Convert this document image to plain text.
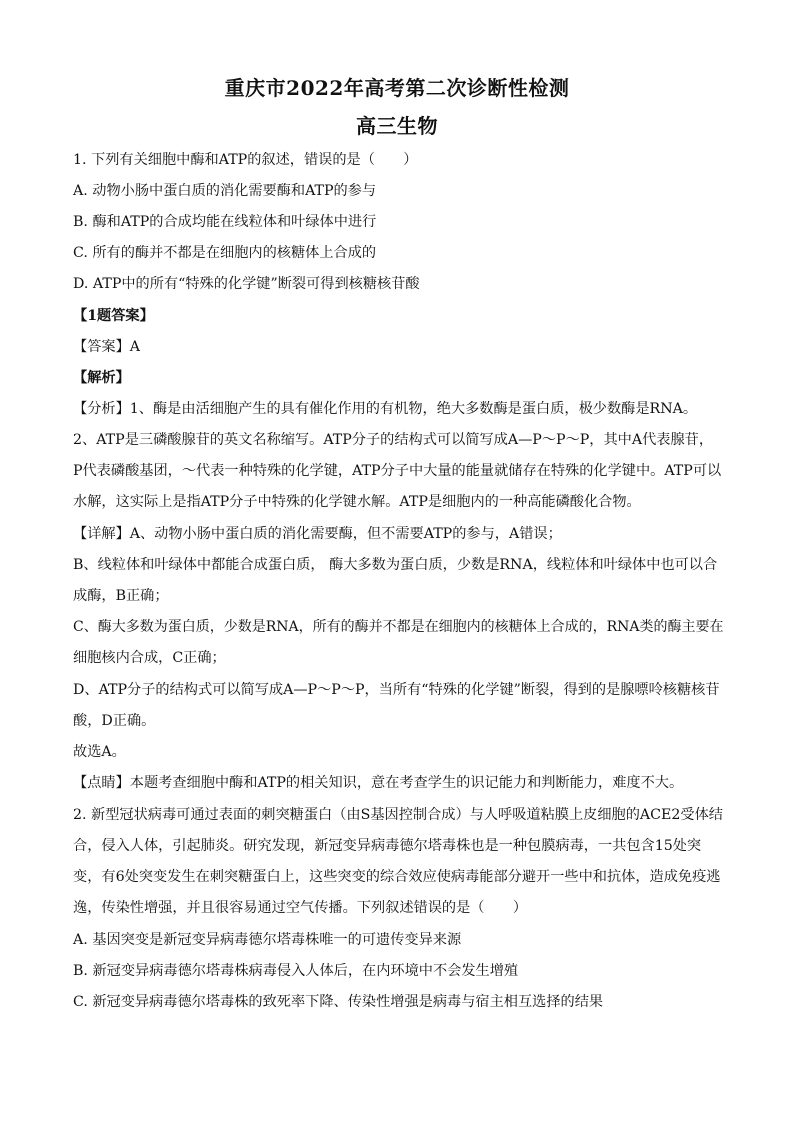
重庆市2022年高考第二次诊断性检测
高三生物
1. 下列有关细胞中酶和ATP的叙述，错误的是（　　）
A. 动物小肠中蛋白质的消化需要酶和ATP的参与
B. 酶和ATP的合成均能在线粒体和叶绿体中进行
C. 所有的酶并不都是在细胞内的核糖体上合成的
D. ATP中的所有“特殊的化学键”断裂可得到核糖核苷酸
【1题答案】
【答案】A
【解析】
【分析】1、酶是由活细胞产生的具有催化作用的有机物，绝大多数酶是蛋白质，极少数酶是RNA。
2、ATP是三磷酸腺苷的英文名称缩写。ATP分子的结构式可以简写成A—P～P～P，其中A代表腺苷，
P代表磷酸基团，～代表一种特殊的化学键，ATP分子中大量的能量就储存在特殊的化学键中。ATP可以
水解，这实际上是指ATP分子中特殊的化学键水解。ATP是细胞内的一种高能磷酸化合物。
【详解】A、动物小肠中蛋白质的消化需要酶，但不需要ATP的参与，A错误；
B、线粒体和叶绿体中都能合成蛋白质， 酶大多数为蛋白质，少数是RNA，线粒体和叶绿体中也可以合
成酶，B正确；
C、酶大多数为蛋白质，少数是RNA，所有的酶并不都是在细胞内的核糖体上合成的，RNA类的酶主要在
细胞核内合成，C正确；
D、ATP分子的结构式可以简写成A—P～P～P，当所有“特殊的化学键”断裂，得到的是腺嘌呤核糖核苷
酸，D正确。
故选A。
【点睛】本题考查细胞中酶和ATP的相关知识，意在考查学生的识记能力和判断能力，难度不大。
2. 新型冠状病毒可通过表面的刺突糖蛋白（由S基因控制合成）与人呼吸道粘膜上皮细胞的ACE2受体结
合，侵入人体，引起肺炎。研究发现，新冠变异病毒德尔塔毒株也是一种包膜病毒，一共包含15处突
变，有6处突变发生在刺突糖蛋白上，这些突变的综合效应使病毒能部分避开一些中和抗体，造成免疫逃
逸，传染性增强，并且很容易通过空气传播。下列叙述错误的是（　　）
A. 基因突变是新冠变异病毒德尔塔毒株唯一的可遗传变异来源
B. 新冠变异病毒德尔塔毒株病毒侵入人体后，在内环境中不会发生增殖
C. 新冠变异病毒德尔塔毒株的致死率下降、传染性增强是病毒与宿主相互选择的结果
